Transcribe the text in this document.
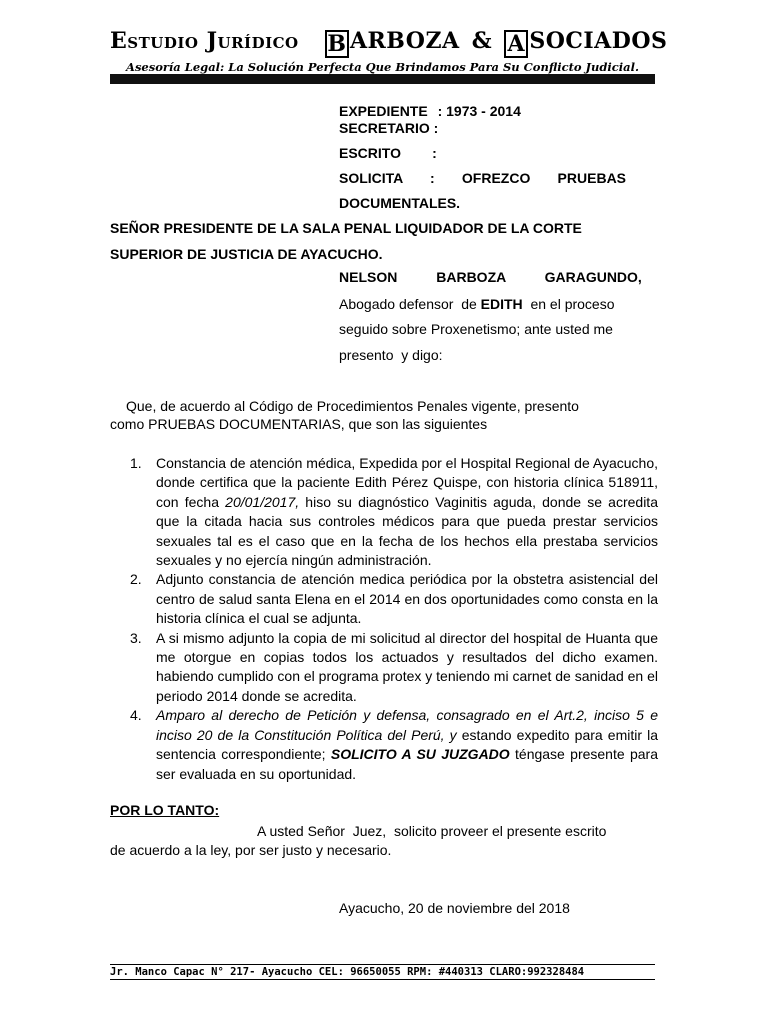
Estudio Jurídico B ARBOZA & A SOCIADOS
Asesoría Legal: La Solución Perfecta Que Brindamos Para Su Conflicto Judicial.
EXPEDIENTE : 1973 - 2014
SECRETARIO :
ESCRITO        :
SOLICITA       :       OFREZCO       PRUEBAS
DOCUMENTALES.
SEÑOR PRESIDENTE DE LA SALA PENAL LIQUIDADOR DE LA CORTE
SUPERIOR DE JUSTICIA DE AYACUCHO.
NELSON          BARBOZA          GARAGUNDO,
Abogado defensor  de EDITH  en el proceso
seguido sobre Proxenetismo; ante usted me
presento  y digo:
Que, de acuerdo al Código de Procedimientos Penales vigente, presento
como PRUEBAS DOCUMENTARIAS, que son las siguientes
1. Constancia de atención médica, Expedida por el Hospital Regional de Ayacucho, donde certifica que la paciente Edith Pérez Quispe, con historia clínica 518911, con fecha 20/01/2017, hiso su diagnóstico Vaginitis aguda, donde se acredita que la citada hacia sus controles médicos para que pueda prestar servicios sexuales tal es el caso que en la fecha de los hechos ella prestaba servicios sexuales y no ejercía ningún administración.
2. Adjunto constancia de atención medica periódica por la obstetra asistencial del centro de salud santa Elena en el 2014 en dos oportunidades como consta en la historia clínica el cual se adjunta.
3. A si mismo adjunto la copia de mi solicitud al director del hospital de Huanta que me otorgue en copias todos los actuados y resultados del dicho examen. habiendo cumplido con el programa protex y teniendo mi carnet de sanidad en el periodo 2014 donde se acredita.
4. Amparo al derecho de Petición y defensa, consagrado en el Art.2, inciso 5 e inciso 20 de la Constitución Política del Perú, y estando expedito para emitir la sentencia correspondiente; SOLICITO A SU JUZGADO téngase presente para ser evaluada en su oportunidad.
POR LO TANTO:
A usted Señor  Juez,  solicito proveer el presente escrito
de acuerdo a la ley, por ser justo y necesario.
Ayacucho, 20 de noviembre del 2018
Jr. Manco Capac N° 217- Ayacucho CEL: 96650055 RPM: #440313 CLARO:992328484
